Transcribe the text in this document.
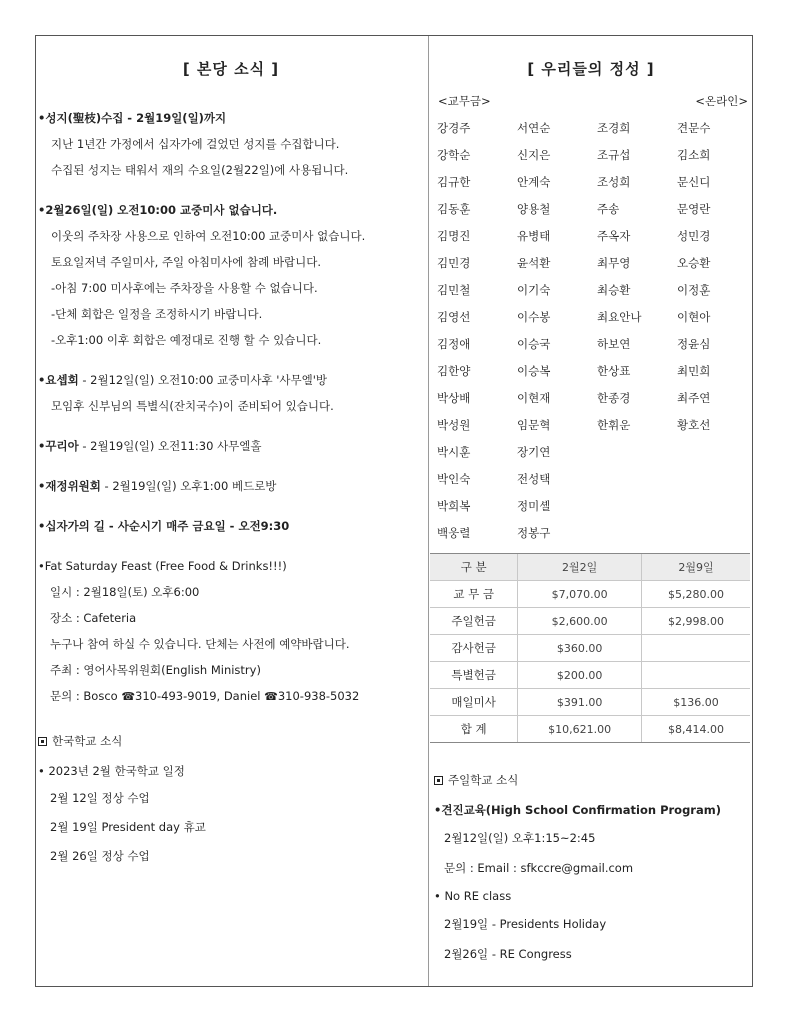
[ 본당 소식 ]
•성지(聖枝)수집 - 2월19일(일)까지
지난 1년간 가정에서 십자가에 걸었던 성지를 수집합니다.
수집된 성지는 태워서 재의 수요일(2월22일)에 사용됩니다.
•2월26일(일) 오전10:00 교중미사 없습니다.
이웃의 주차장 사용으로 인하여 오전10:00 교중미사 없습니다.
토요일저녁 주일미사, 주일 아침미사에 참례 바랍니다.
-아침 7:00 미사후에는 주차장을 사용할 수 없습니다.
-단체 회합은 일정을 조정하시기 바랍니다.
-오후1:00 이후 회합은 예정대로 진행 할 수 있습니다.
•요셉회 - 2월12일(일) 오전10:00 교중미사후 '사무엘'방
모임후 신부님의 특별식(잔치국수)이 준비되어 있습니다.
•꾸리아 - 2월19일(일) 오전11:30 사무엘홀
•재정위원회 - 2월19일(일) 오후1:00 베드로방
•십자가의 길 - 사순시기 매주 금요일 - 오전9:30
•Fat Saturday Feast (Free Food & Drinks!!!)
일시 : 2월18일(토) 오후6:00
장소 : Cafeteria
누구나 참여 하실 수 있습니다. 단체는 사전에 예약바랍니다.
주최 : 영어사목위원회(English Ministry)
문의 : Bosco ☎310-493-9019, Daniel ☎310-938-5032
한국학교 소식
• 2023년 2월 한국학교 일정
2월 12일 정상 수업
2월 19일 President day 휴교
2월 26일 정상 수업
[ 우리들의 정성 ]
<교무금>	<온라인>
강경주	서연순	조경희	견문수
강학순	신지은	조규섭	김소희
김규한	안계숙	조성희	문신디
김동훈	양용철	주송	문영란
김명진	유병태	주옥자	성민경
김민경	윤석환	최무영	오승환
김민철	이기숙	최승환	이정훈
김영선	이수봉	최요안나	이현아
김정애	이승국	하보연	정윤심
김한양	이승복	한상표	최민희
박상배	이현재	한종경	최주연
박성원	임문혁	한휘운	황호선
박시훈	장기연
박인숙	전성택
박희복	정미셸
백웅렬	정봉구
구 분	2월2일	2월9일
교 무 금	$7,070.00	$5,280.00
주일헌금	$2,600.00	$2,998.00
감사헌금	$360.00	
특별헌금	$200.00	
매일미사	$391.00	$136.00
합 계	$10,621.00	$8,414.00
주일학교 소식
•견진교육(High School Confirmation Program)
2월12일(일) 오후1:15~2:45
문의 : Email : sfkccre@gmail.com
• No RE class
2월19일 - Presidents Holiday
2월26일 - RE Congress
